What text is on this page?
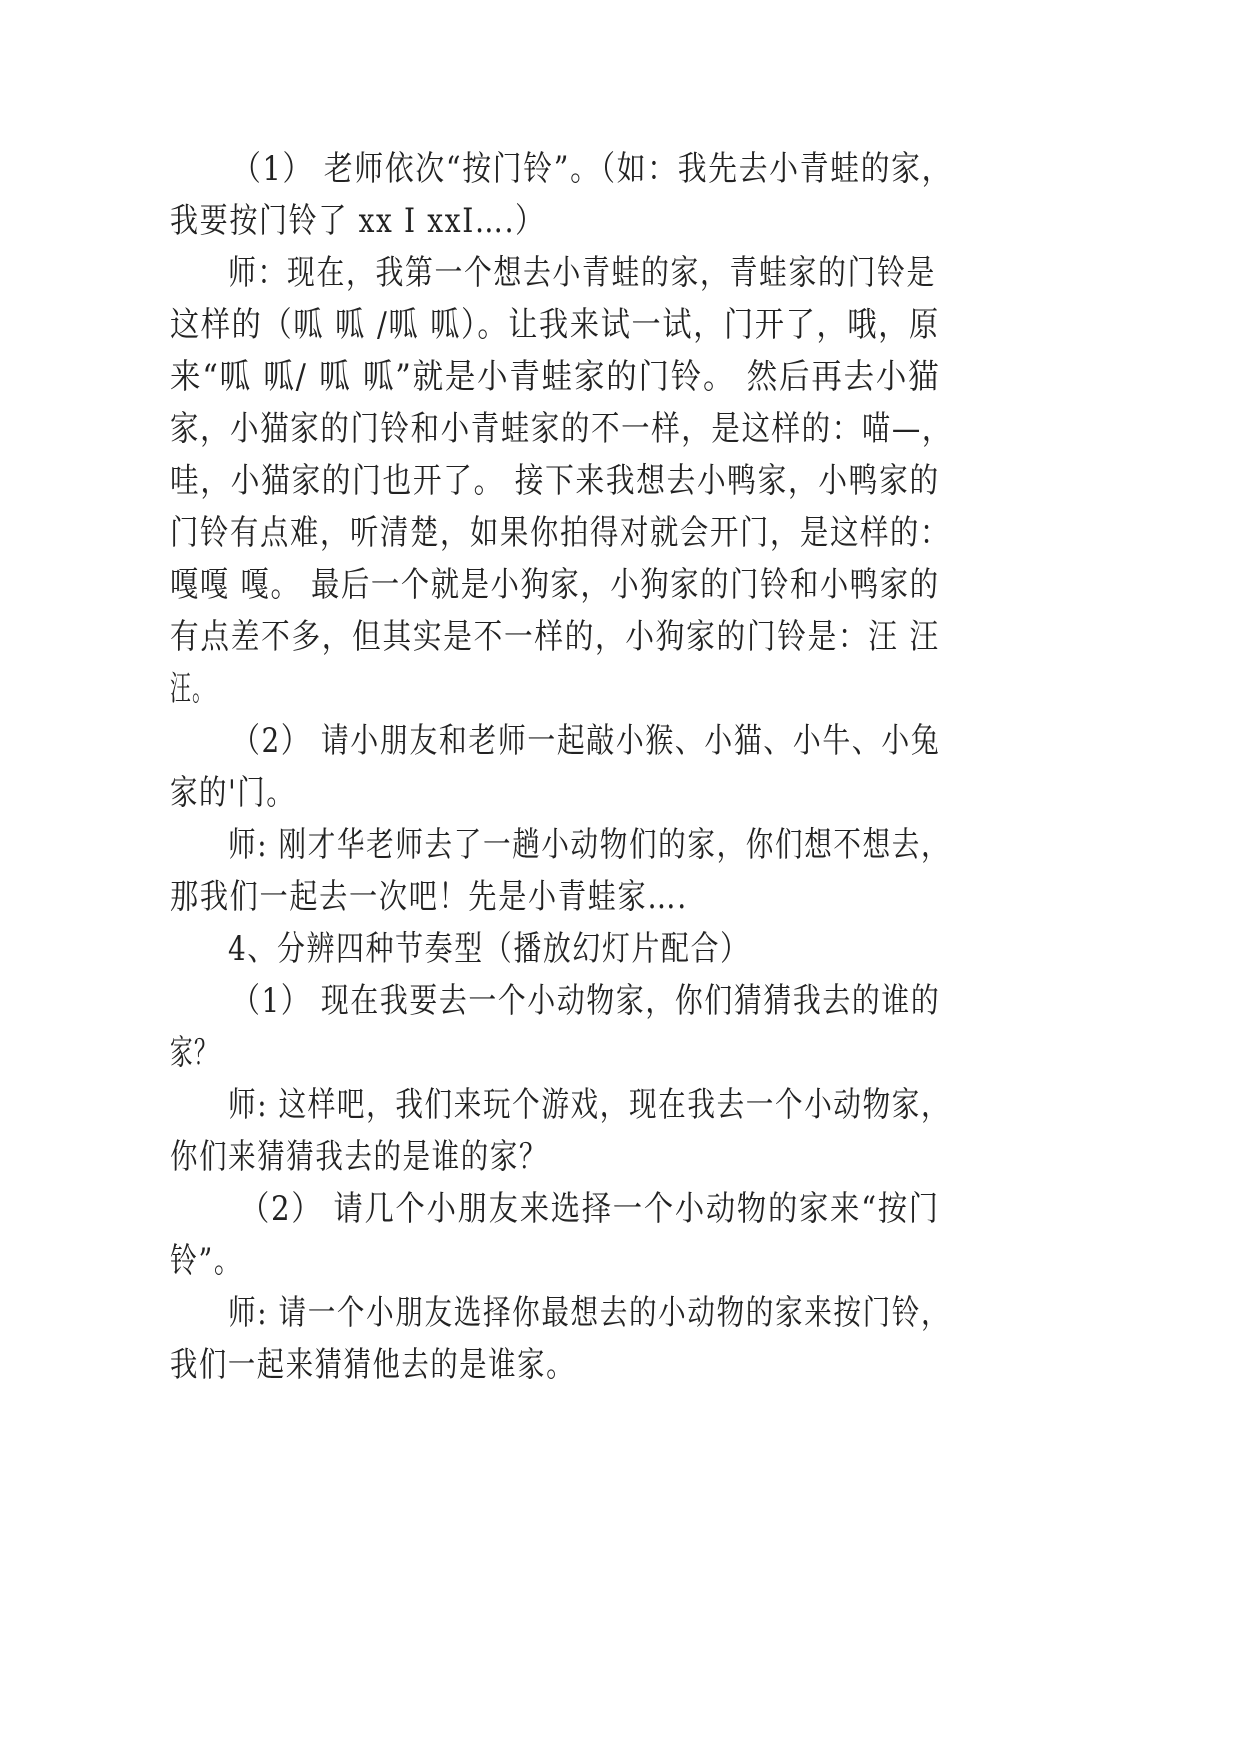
（1） 老师依次“按门铃”。（如：我先去小青蛙的家，
我要按门铃了 xx I xxI….）
师：现在，我第一个想去小青蛙的家，青蛙家的门铃是
这样的（呱 呱 /呱 呱）。让我来试一试，门开了，哦，原
来“呱 呱/ 呱 呱”就是小青蛙家的门铃。 然后再去小猫
家，小猫家的门铃和小青蛙家的不一样，是这样的：喵—，
哇，小猫家的门也开了。 接下来我想去小鸭家，小鸭家的
门铃有点难，听清楚，如果你拍得对就会开门，是这样的：
嘎嘎 嘎。 最后一个就是小狗家，小狗家的门铃和小鸭家的
有点差不多，但其实是不一样的，小狗家的门铃是：汪 汪
汪。
（2） 请小朋友和老师一起敲小猴、小猫、小牛、小兔
家的'门。
师: 刚才华老师去了一趟小动物们的家，你们想不想去，
那我们一起去一次吧！先是小青蛙家….
4、分辨四种节奏型（播放幻灯片配合）
（1） 现在我要去一个小动物家，你们猜猜我去的谁的
家？
师: 这样吧，我们来玩个游戏，现在我去一个小动物家，
你们来猜猜我去的是谁的家？
（2） 请几个小朋友来选择一个小动物的家来“按门
铃”。
师: 请一个小朋友选择你最想去的小动物的家来按门铃，
我们一起来猜猜他去的是谁家。
